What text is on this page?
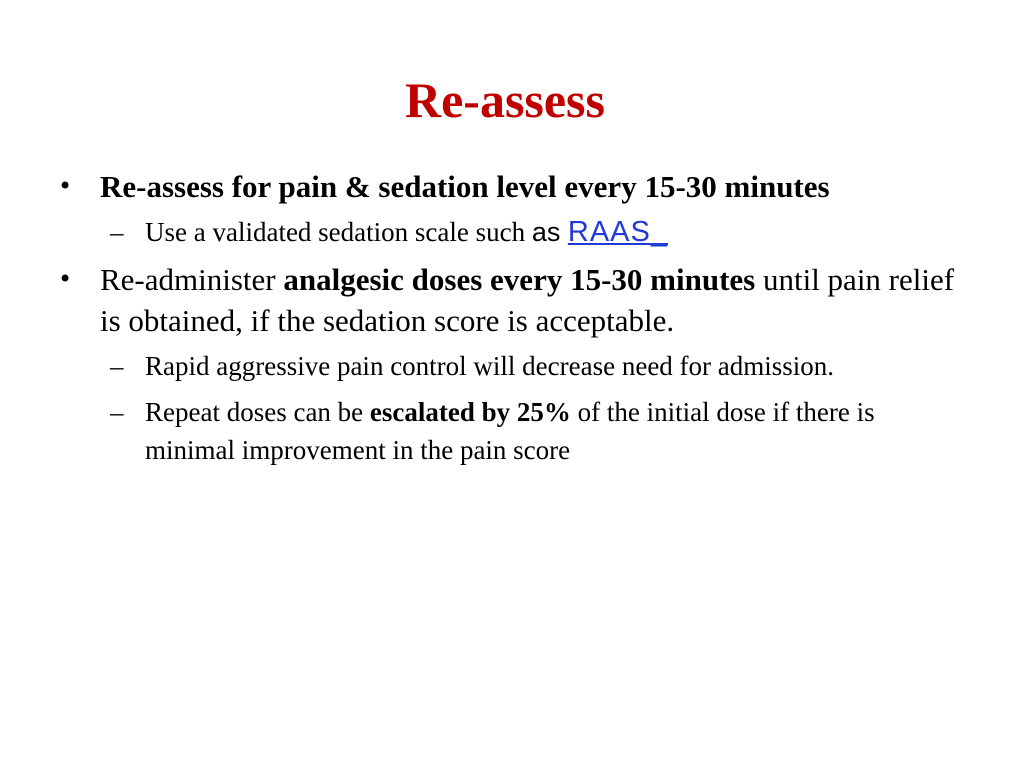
Re-assess
• Re-assess for pain & sedation level every 15-30 minutes
– Use a validated sedation scale such as RAAS_
• Re-administer analgesic doses every 15-30 minutes until pain relief is obtained, if the sedation score is acceptable.
– Rapid aggressive pain control will decrease need for admission.
– Repeat doses can be escalated by 25% of the initial dose if there is minimal improvement in the pain score
